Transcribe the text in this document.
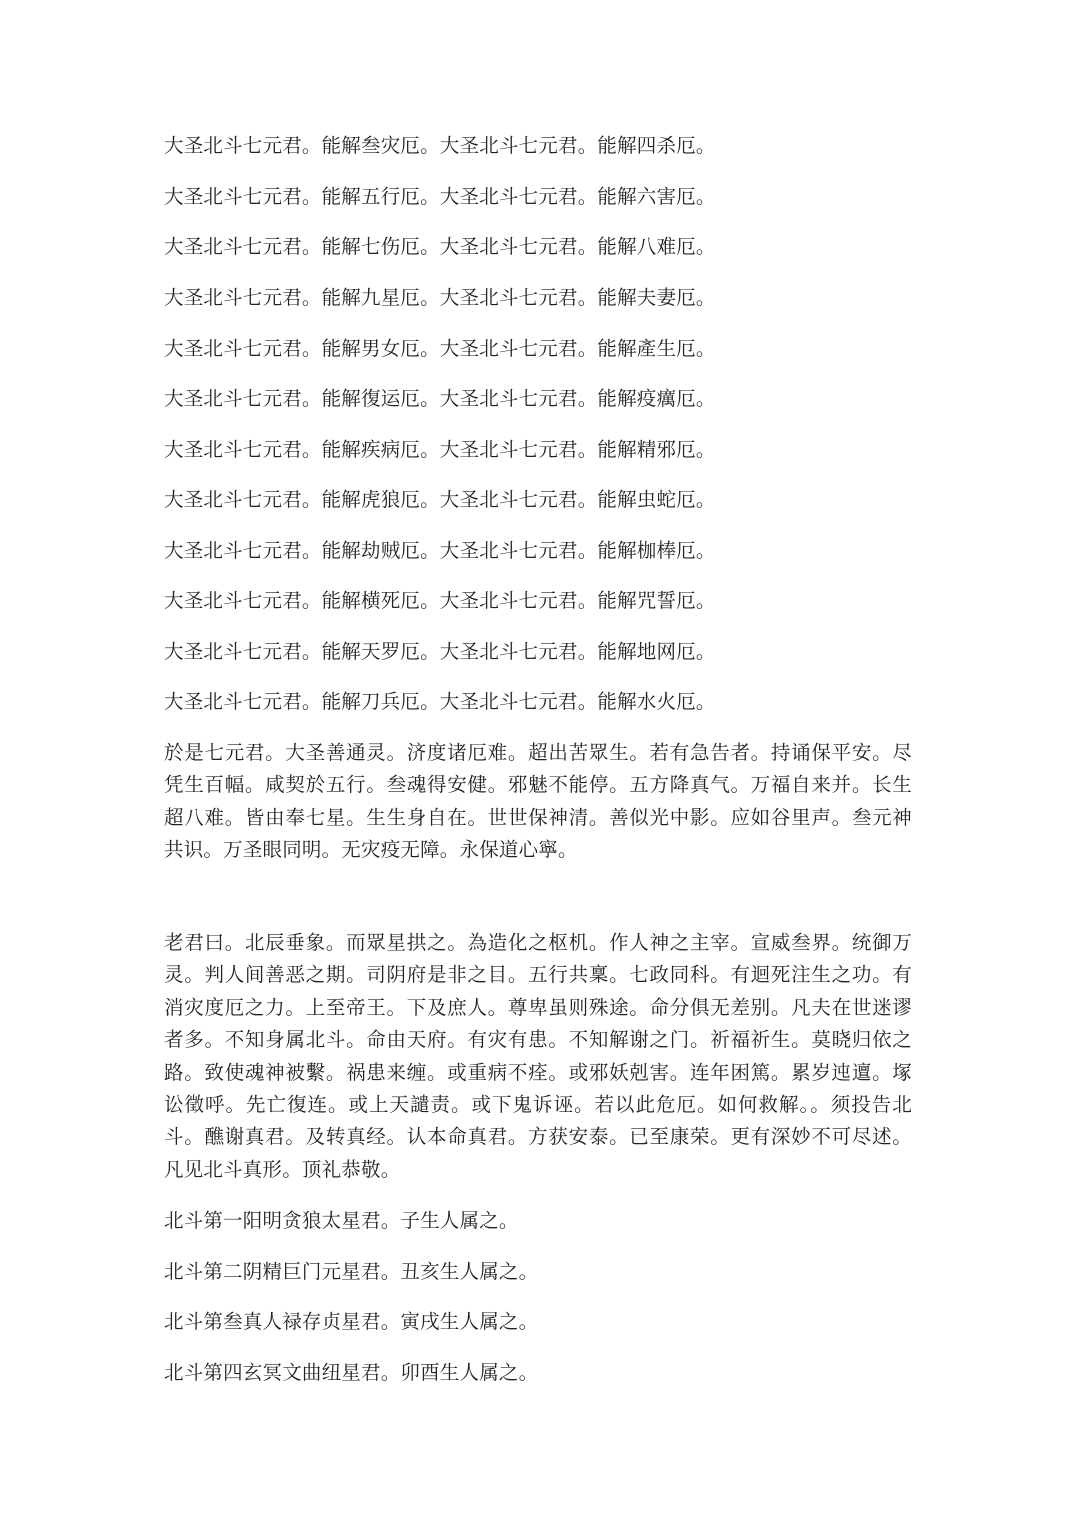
大圣北斗七元君。能解叁灾厄。大圣北斗七元君。能解四杀厄。
大圣北斗七元君。能解五行厄。大圣北斗七元君。能解六害厄。
大圣北斗七元君。能解七伤厄。大圣北斗七元君。能解八难厄。
大圣北斗七元君。能解九星厄。大圣北斗七元君。能解夫妻厄。
大圣北斗七元君。能解男女厄。大圣北斗七元君。能解產生厄。
大圣北斗七元君。能解復运厄。大圣北斗七元君。能解疫癘厄。
大圣北斗七元君。能解疾病厄。大圣北斗七元君。能解精邪厄。
大圣北斗七元君。能解虎狼厄。大圣北斗七元君。能解虫蛇厄。
大圣北斗七元君。能解劫贼厄。大圣北斗七元君。能解枷棒厄。
大圣北斗七元君。能解横死厄。大圣北斗七元君。能解咒誓厄。
大圣北斗七元君。能解天罗厄。大圣北斗七元君。能解地网厄。
大圣北斗七元君。能解刀兵厄。大圣北斗七元君。能解水火厄。
於是七元君。大圣善通灵。济度诸厄难。超出苦眾生。若有急告者。持诵保平安。尽凭生百幅。咸契於五行。叁魂得安健。邪魅不能停。五方降真气。万福自来并。长生超八难。皆由奉七星。生生身自在。世世保神清。善似光中影。应如谷里声。叁元神共识。万圣眼同明。无灾疫无障。永保道心寧。
老君曰。北辰垂象。而眾星拱之。為造化之枢机。作人神之主宰。宣威叁界。统御万灵。判人间善恶之期。司阴府是非之目。五行共稟。七政同科。有迴死注生之功。有消灾度厄之力。上至帝王。下及庶人。尊卑虽则殊途。命分俱无差别。凡夫在世迷谬者多。不知身属北斗。命由天府。有灾有患。不知解谢之门。祈福祈生。莫晓归依之路。致使魂神被繫。祸患来缠。或重病不痊。或邪妖剋害。连年困篤。累岁迍邅。塚讼徵呼。先亡復连。或上天譴责。或下鬼诉诬。若以此危厄。如何救解。。须投告北斗。醮谢真君。及转真经。认本命真君。方获安泰。已至康荣。更有深妙不可尽述。凡见北斗真形。顶礼恭敬。
北斗第一阳明贪狼太星君。子生人属之。
北斗第二阴精巨门元星君。丑亥生人属之。
北斗第叁真人禄存贞星君。寅戌生人属之。
北斗第四玄冥文曲纽星君。卯酉生人属之。
